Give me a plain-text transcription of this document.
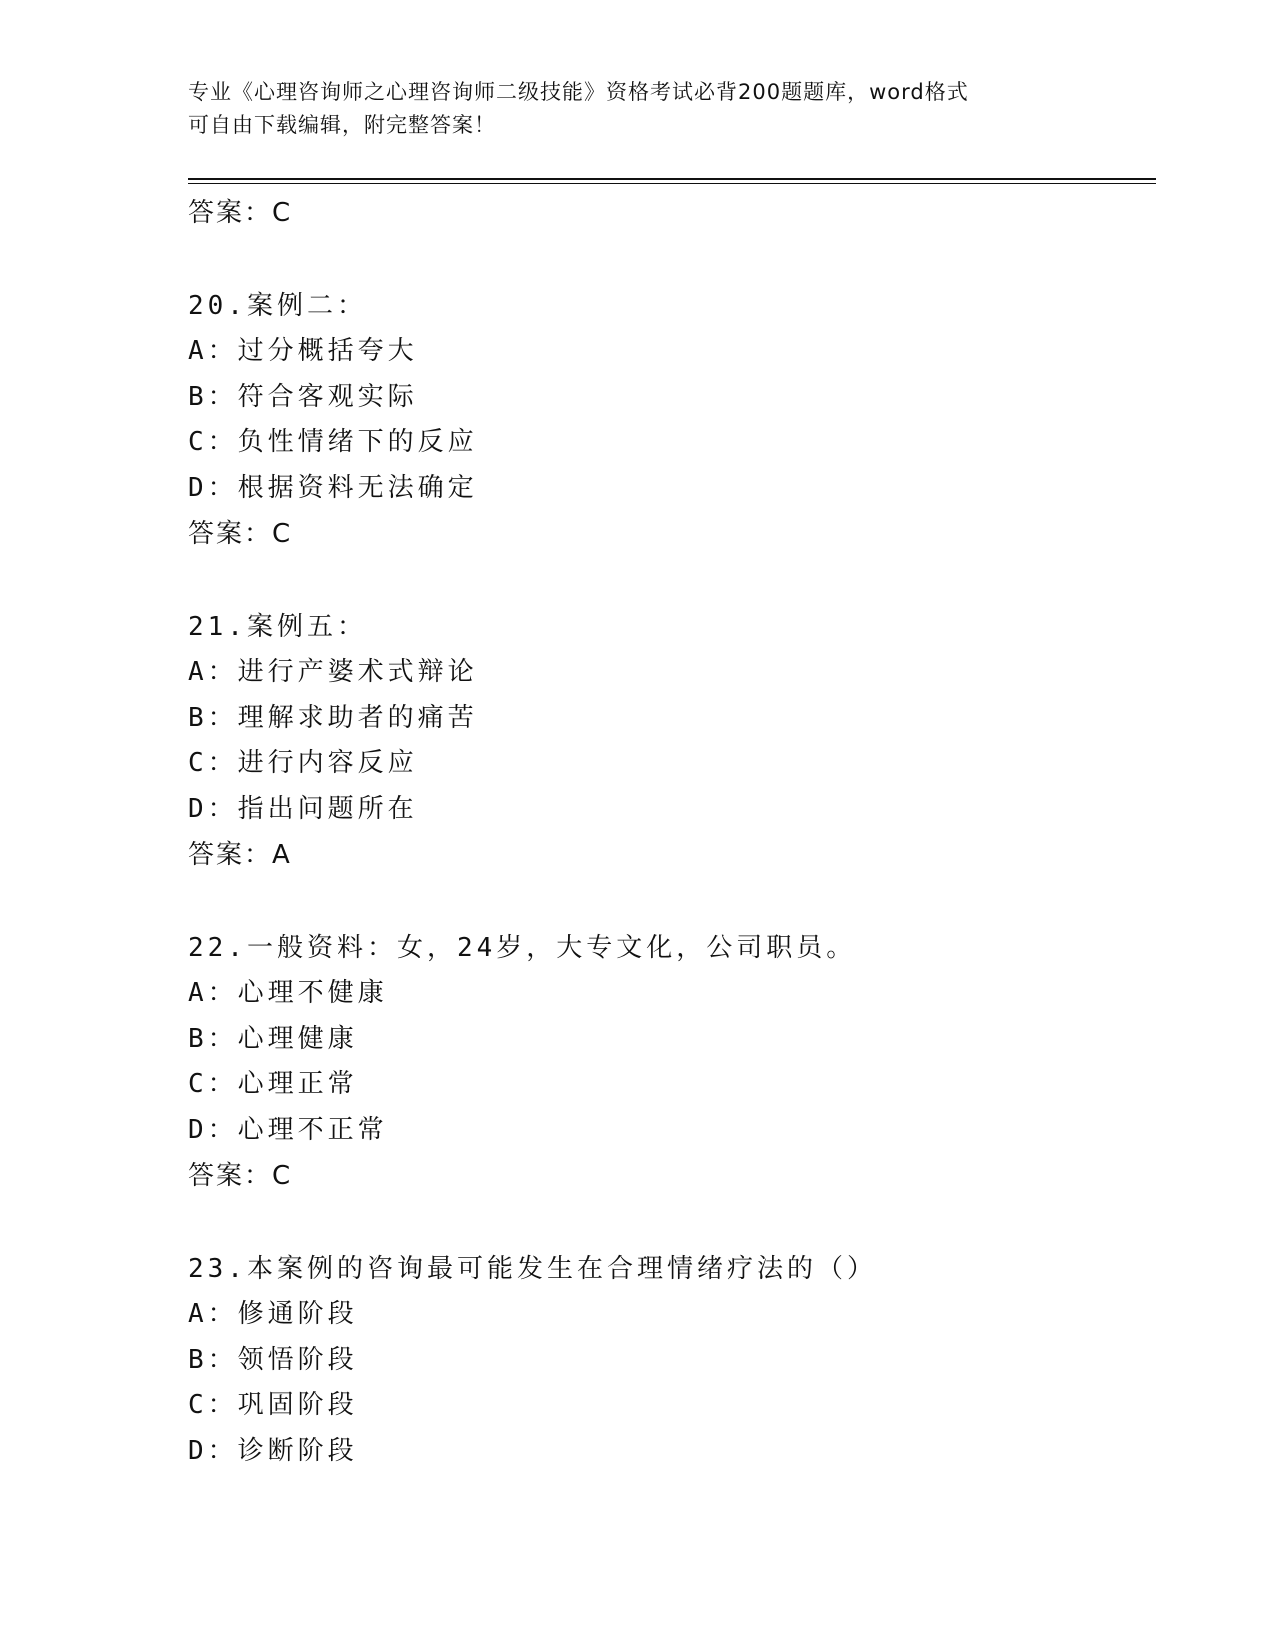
专业《心理咨询师之心理咨询师二级技能》资格考试必背200题题库，word格式
可自由下载编辑，附完整答案！
答案：C
20.案例二：
A：过分概括夸大
B：符合客观实际
C：负性情绪下的反应
D：根据资料无法确定
答案：C
21.案例五：
A：进行产婆术式辩论
B：理解求助者的痛苦
C：进行内容反应
D：指出问题所在
答案：A
22.一般资料：女，24岁，大专文化，公司职员。
A：心理不健康
B：心理健康
C：心理正常
D：心理不正常
答案：C
23.本案例的咨询最可能发生在合理情绪疗法的（）
A：修通阶段
B：领悟阶段
C：巩固阶段
D：诊断阶段
